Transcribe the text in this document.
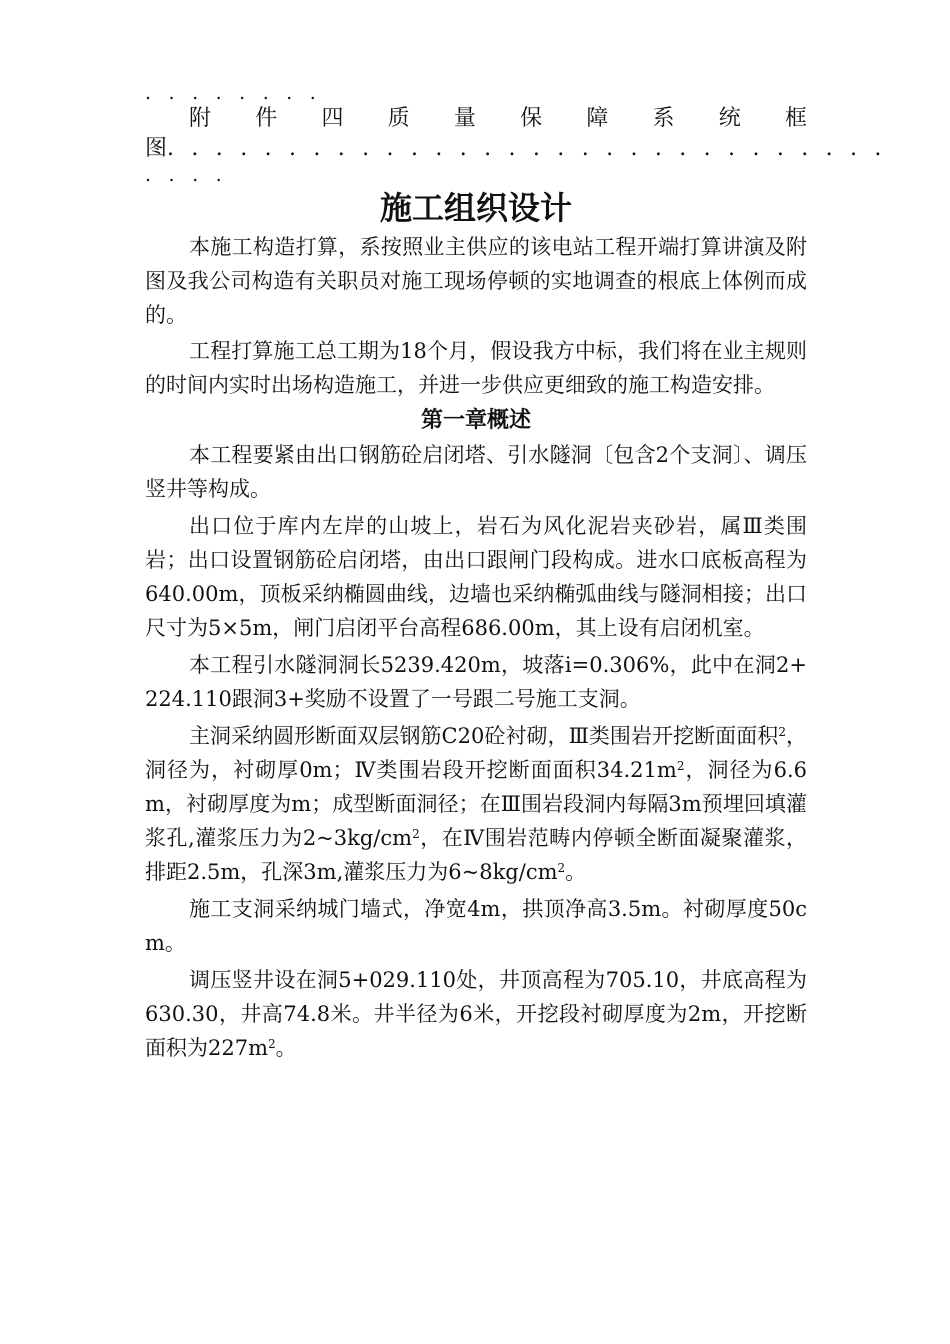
........
附 件 四 质 量 保 障 系 统 框
图..............................
....
施工组织设计

本施工构造打算，系按照业主供应的该电站工程开端打算讲演及附图及我公司构造有关职员对施工现场停顿的实地调查的根底上体例而成的。

工程打算施工总工期为18个月，假设我方中标，我们将在业主规则的时间内实时出场构造施工，并进一步供应更细致的施工构造安排。

第一章概述

本工程要紧由出口钢筋砼启闭塔、引水隧洞〔包含2个支洞〕、调压竖井等构成。

出口位于库内左岸的山坡上，岩石为风化泥岩夹砂岩，属Ⅲ类围岩；出口设置钢筋砼启闭塔，由出口跟闸门段构成。进水口底板高程为640.00m，顶板采纳椭圆曲线，边墙也采纳椭弧曲线与隧洞相接；出口尺寸为5×5m，闸门启闭平台高程686.00m，其上设有启闭机室。

本工程引水隧洞洞长5239.420m，坡落i=0.306%，此中在洞2+224.110跟洞3+奖励不设置了一号跟二号施工支洞。

主洞采纳圆形断面双层钢筋C20砼衬砌，Ⅲ类围岩开挖断面面积$^2$，洞径为，衬砌厚0m；Ⅳ类围岩段开挖断面面积$34.21m^2$，洞径为6.6m，衬砌厚度为m；成型断面洞径；在Ⅲ围岩段洞内每隔3m预埋回填灌浆孔,灌浆压力为$2\sim 3kg/cm^2$，在Ⅳ围岩范畴内停顿全断面凝聚灌浆，排距2.5m，孔深3m,灌浆压力为$6\sim 8kg/cm^2$。

施工支洞采纳城门墙式，净宽4m，拱顶净高3.5m。衬砌厚度50cm。

调压竖井设在洞5+029.110处，井顶高程为705.10，井底高程为630.30，井高74.8米。井半径为6米，开挖段衬砌厚度为2m，开挖断面积为$227m^2$。
